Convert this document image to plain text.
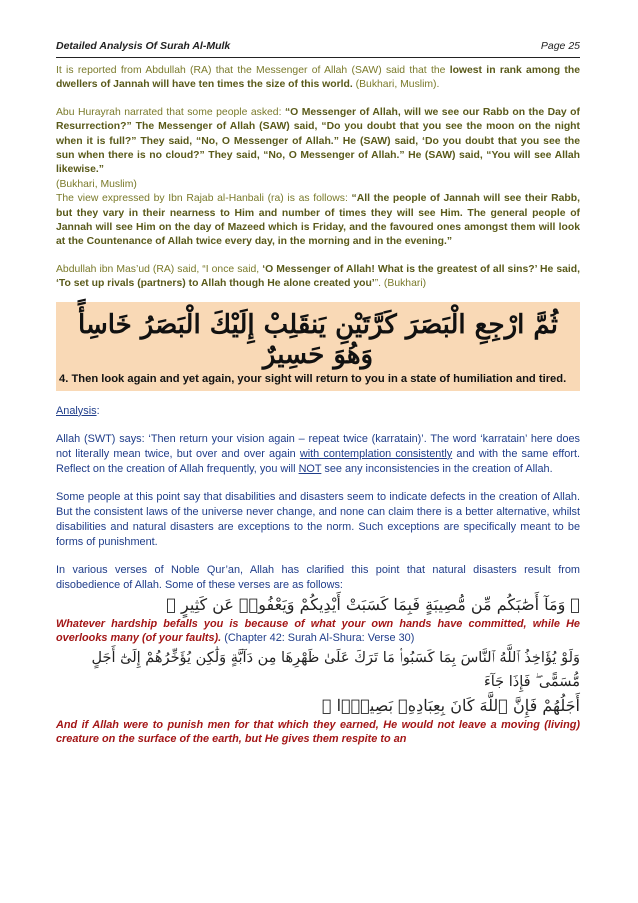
Detailed Analysis Of Surah Al-Mulk	Page 25

It is reported from Abdullah (RA) that the Messenger of Allah (SAW) said that the lowest in rank among the dwellers of Jannah will have ten times the size of this world. (Bukhari, Muslim).

Abu Hurayrah narrated that some people asked: “O Messenger of Allah, will we see our Rabb on the Day of Resurrection?” The Messenger of Allah (SAW) said, “Do you doubt that you see the moon on the night when it is full?” They said, “No, O Messenger of Allah.” He (SAW) said, ‘Do you doubt that you see the sun when there is no cloud?” They said, “No, O Messenger of Allah.” He (SAW) said, “You will see Allah likewise.”
(Bukhari, Muslim)

The view expressed by Ibn Rajab al-Hanbali (ra) is as follows: “All the people of Jannah will see their Rabb, but they vary in their nearness to Him and number of times they will see Him. The general people of Jannah will see Him on the day of Mazeed which is Friday, and the favoured ones amongst them will look at the Countenance of Allah twice every day, in the morning and in the evening.”

Abdullah ibn Mas’ud (RA) said, “I once said, ‘O Messenger of Allah! What is the greatest of all sins?’ He said, ‘To set up rivals (partners) to Allah though He alone created you’”. (Bukhari)

ثُمَّ ارْجِعِ الْبَصَرَ كَرَّتَيْنِ يَنقَلِبْ إِلَيْكَ الْبَصَرُ خَاسِأً وَهُوَ حَسِيرٌ
4. Then look again and yet again, your sight will return to you in a state of humiliation and tired.

Analysis:

Allah (SWT) says: ‘Then return your vision again – repeat twice (karratain)’. The word ‘karratain’ here does not literally mean twice, but over and over again with contemplation consistently and with the same effort. Reflect on the creation of Allah frequently, you will NOT see any inconsistencies in the creation of Allah.

Some people at this point say that disabilities and disasters seem to indicate defects in the creation of Allah. But the consistent laws of the universe never change, and none can claim there is a better alternative, whilst disabilities and natural disasters are exceptions to the norm. Such exceptions are specifically meant to be forms of punishment.

In various verses of Noble Qur’an, Allah has clarified this point that natural disasters result from disobedience of Allah. Some of these verses are as follows:

﴿ وَمَآ أَصَٰبَكُم مِّن مُّصِيبَةٍ فَبِمَا كَسَبَتْ أَيْدِيكُمْ وَيَعْفُوا۟ عَن كَثِيرٍ ﴾

Whatever hardship befalls you is because of what your own hands have committed, while He overlooks many (of your faults). (Chapter 42: Surah Al-Shura: Verse 30)

وَلَوْ يُؤَاخِذُ ٱللَّهُ ٱلنَّاسَ بِمَا كَسَبُوا۟ مَا تَرَكَ عَلَىٰ ظَهْرِهَا مِن دَآبَّةٍ وَلَٰكِن يُؤَخِّرُهُمْ إِلَىٰٓ أَجَلٍ مُّسَمًّى ۖ فَإِذَا جَآءَ
أَجَلُهُمْ فَإِنَّ ٱللَّهَ كَانَ بِعِبَادِهِۦ بَصِيرًۢا ﴾

And if Allah were to punish men for that which they earned, He would not leave a moving (living) creature on the surface of the earth, but He gives them respite to an
